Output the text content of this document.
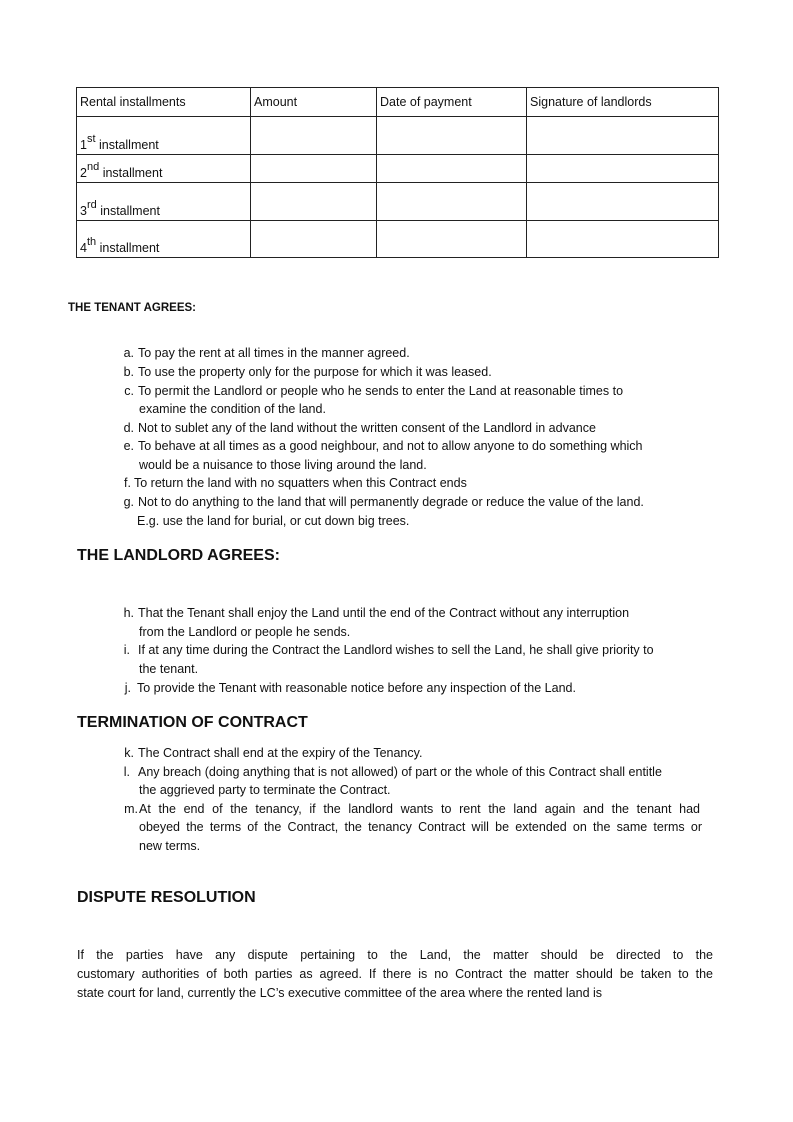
Rental installments	Amount	Date of payment	Signature of landlords
1st installment			
2nd installment			
3rd installment			
4th installment			
THE TENANT AGREES:
a. To pay the rent at all times in the manner agreed.
b. To use the property only for the purpose for which it was leased.
c. To permit the Landlord or people who he sends to enter the Land at reasonable times to
examine the condition of the land.
d. Not to sublet any of the land without the written consent of the Landlord in advance
e. To behave at all times as a good neighbour, and not to allow anyone to do something which
would be a nuisance to those living around the land.
f. To return the land with no squatters when this Contract ends
g. Not to do anything to the land that will permanently degrade or reduce the value of the land.
E.g. use the land for burial, or cut down big trees.
THE LANDLORD AGREES:
h. That the Tenant shall enjoy the Land until the end of the Contract without any interruption
from the Landlord or people he sends.
i. If at any time during the Contract the Landlord wishes to sell the Land, he shall give priority to
the tenant.
j. To provide the Tenant with reasonable notice before any inspection of the Land.
TERMINATION OF CONTRACT
k. The Contract shall end at the expiry of the Tenancy.
l. Any breach (doing anything that is not allowed) of part or the whole of this Contract shall entitle
the aggrieved party to terminate the Contract.
m. At the end of the tenancy, if the landlord wants to rent the land again and the tenant had
obeyed the terms of the Contract, the tenancy Contract will be extended on the same terms or
new terms.
DISPUTE RESOLUTION
If the parties have any dispute pertaining to the Land, the matter should be directed to the
customary authorities of both parties as agreed. If there is no Contract the matter should be taken to the
state court for land, currently the LC’s executive committee of the area where the rented land is
